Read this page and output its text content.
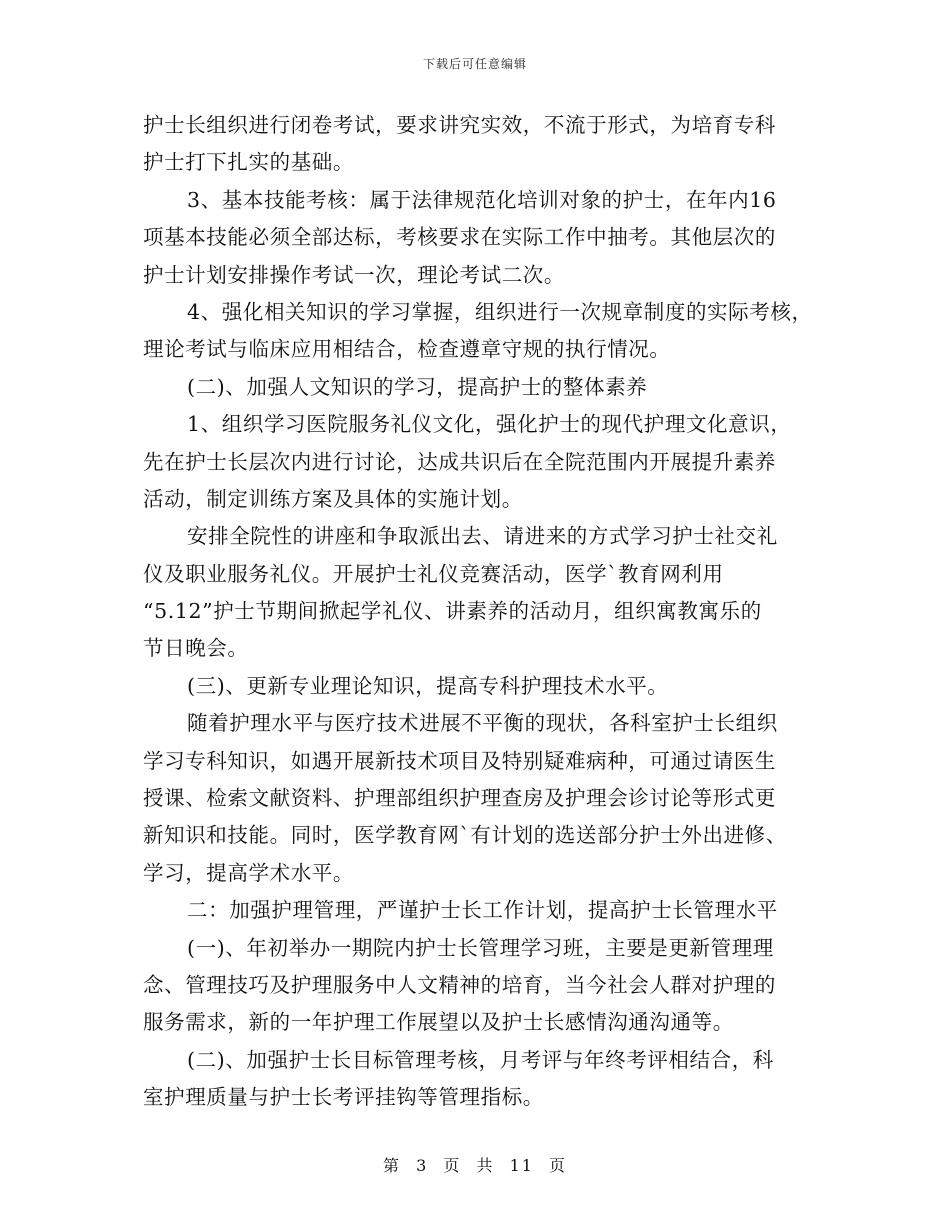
下载后可任意编辑
护士长组织进行闭卷考试，要求讲究实效，不流于形式，为培育专科
护士打下扎实的基础。
3、基本技能考核：属于法律规范化培训对象的护士，在年内16
项基本技能必须全部达标，考核要求在实际工作中抽考。其他层次的
护士计划安排操作考试一次，理论考试二次。
4、强化相关知识的学习掌握，组织进行一次规章制度的实际考核，
理论考试与临床应用相结合，检查遵章守规的执行情况。
(二)、加强人文知识的学习，提高护士的整体素养
1、组织学习医院服务礼仪文化，强化护士的现代护理文化意识，
先在护士长层次内进行讨论，达成共识后在全院范围内开展提升素养
活动，制定训练方案及具体的实施计划。
安排全院性的讲座和争取派出去、请进来的方式学习护士社交礼
仪及职业服务礼仪。开展护士礼仪竞赛活动，医学`教育网利用
“5.12”护士节期间掀起学礼仪、讲素养的活动月，组织寓教寓乐的
节日晚会。
(三)、更新专业理论知识，提高专科护理技术水平。
随着护理水平与医疗技术进展不平衡的现状，各科室护士长组织
学习专科知识，如遇开展新技术项目及特别疑难病种，可通过请医生
授课、检索文献资料、护理部组织护理查房及护理会诊讨论等形式更
新知识和技能。同时，医学教育网`有计划的选送部分护士外出进修、
学习，提高学术水平。
二：加强护理管理，严谨护士长工作计划，提高护士长管理水平
(一)、年初举办一期院内护士长管理学习班，主要是更新管理理
念、管理技巧及护理服务中人文精神的培育，当今社会人群对护理的
服务需求，新的一年护理工作展望以及护士长感情沟通沟通等。
(二)、加强护士长目标管理考核，月考评与年终考评相结合，科
室护理质量与护士长考评挂钩等管理指标。
第 3 页 共 11 页
